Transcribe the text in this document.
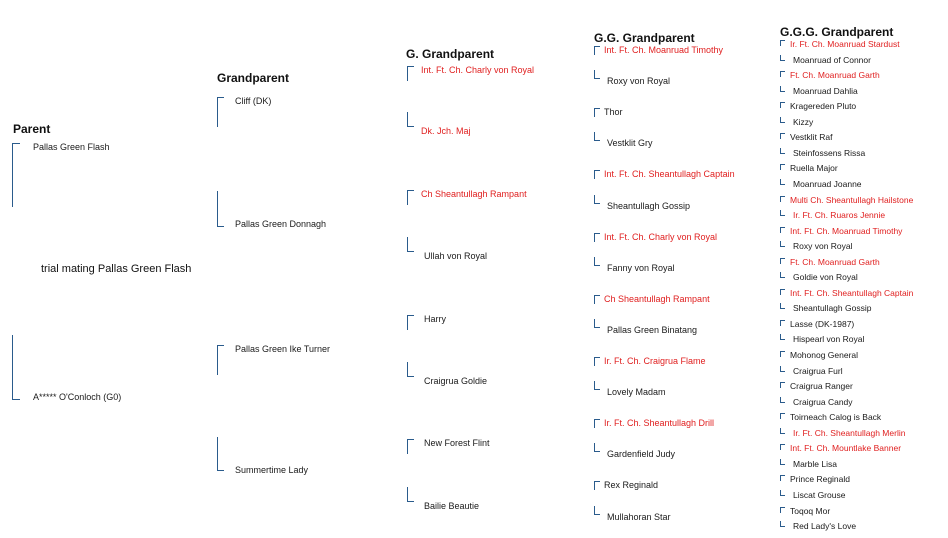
Parent
Grandparent
G. Grandparent
G.G. Grandparent	G.G.G. Grandparent
trial mating Pallas Green Flash
Pallas Green Flash
A***** O'Conloch (G0)
Cliff (DK)
Pallas Green Donnagh
Pallas Green Ike Turner
Summertime Lady
Int. Ft. Ch. Charly von Royal
Dk. Jch. Maj
Ch Sheantullagh Rampant
Ullah von Royal
Harry
Craigrua Goldie
New Forest Flint
Bailie Beautie
Int. Ft. Ch. Moanruad Timothy
Roxy von Royal
Thor
Vestklit Gry
Int. Ft. Ch. Sheantullagh Captain
Sheantullagh Gossip
Int. Ft. Ch. Charly von Royal
Fanny von Royal
Ch Sheantullagh Rampant
Pallas Green Binatang
Ir. Ft. Ch. Craigrua Flame
Lovely Madam
Ir. Ft. Ch. Sheantullagh Drill
Gardenfield Judy
Rex Reginald
Mullahoran Star
Ir. Ft. Ch. Moanruad Stardust
Moanruad of Connor
Ft. Ch. Moanruad Garth
Moanruad Dahlia
Kragereden Pluto
Kizzy
Vestklit Raf
Steinfossens Rissa
Ruella Major
Moanruad Joanne
Multi Ch. Sheantullagh Hailstone
Ir. Ft. Ch. Ruaros Jennie
Int. Ft. Ch. Moanruad Timothy
Roxy von Royal
Ft. Ch. Moanruad Garth
Goldie von Royal
Int. Ft. Ch. Sheantullagh Captain
Sheantullagh Gossip
Lasse (DK-1987)
Hispearl von Royal
Mohonog General
Craigrua Furl
Craigrua Ranger
Craigrua Candy
Toirneach Calog is Back
Ir. Ft. Ch. Sheantullagh Merlin
Int. Ft. Ch. Mountlake Banner
Marble Lisa
Prince Reginald
Liscat Grouse
Toqoq Mor
Red Lady's Love
